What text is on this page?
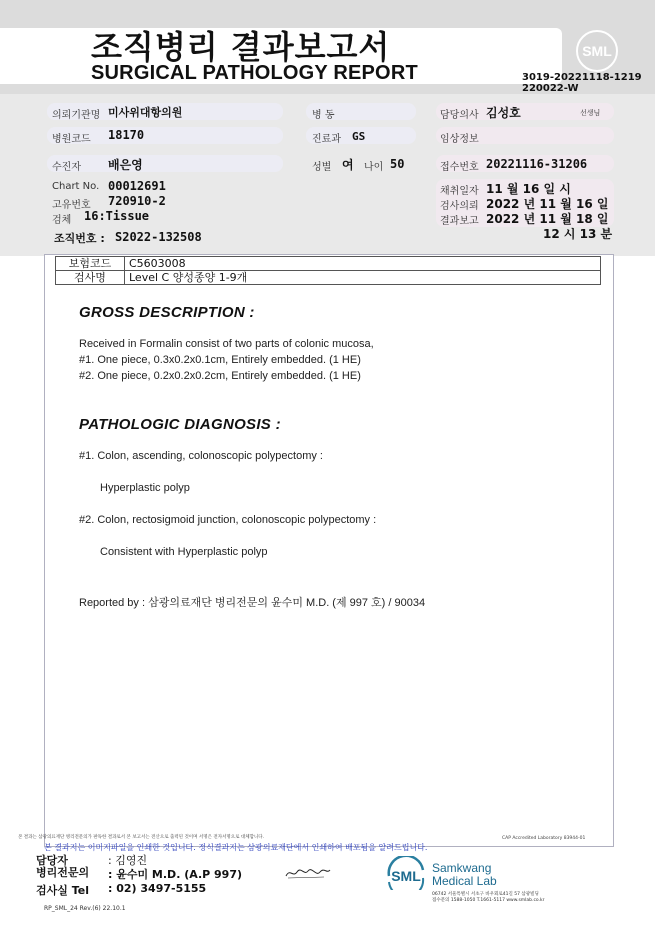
조직병리 결과보고서
SURGICAL PATHOLOGY REPORT
SML
3019-20221118-1219
220022-W
의뢰기관명 미사위대항의원	병 동	담당의사 김성호	선생님
병원코드 18170	진료과 GS	임상정보
수진자 배은영	성별 여 나이 50	접수번호 20221116-31206
Chart No. 00012691
고유번호 720910-2
검체 16:Tissue
조직번호 : S2022-132508
채취일자 11 월 16 일 시
검사의뢰 2022 년 11 월 16 일
결과보고 2022 년 11 월 18 일
12 시 13 분
보험코드	C5603008
검사명	Level C 양성종양 1-9개
GROSS DESCRIPTION :
Received in Formalin consist of two parts of colonic mucosa,
#1. One piece, 0.3x0.2x0.1cm, Entirely embedded. (1 HE)
#2. One piece, 0.2x0.2x0.2cm, Entirely embedded. (1 HE)
PATHOLOGIC DIAGNOSIS :
#1. Colon, ascending, colonoscopic polypectomy :
Hyperplastic polyp
#2. Colon, rectosigmoid junction, colonoscopic polypectomy :
Consistent with Hyperplastic polyp
Reported by : 삼광의료재단 병리전문의 윤수미 M.D. (제 997 호) / 90034
본 결과는 삼광의료재단 병리전문의가 판독한 결과로서 본 보고서는 전산으로 출력된 것이며 서명은 전자서명으로 대체합니다.	CAP Accredited Laboratory 83944-01
본 결과지는 이미지파일을 인쇄한 것입니다. 정식결과지는 삼광의료재단에서 인쇄하여 배포됨을 알려드립니다.
담당자	: 김영진
병리전문의 : 윤수미 M.D. (A.P 997)
검사실 Tel : 02) 3497-5155
SML Samkwang
Medical Lab
06742 서울특별시 서초구 바우뫼로41길 57 삼광빌딩
접수문의 1588-1050 T.1661-5117 www.smlab.co.kr
RP_SML_24 Rev.(6) 22.10.1
